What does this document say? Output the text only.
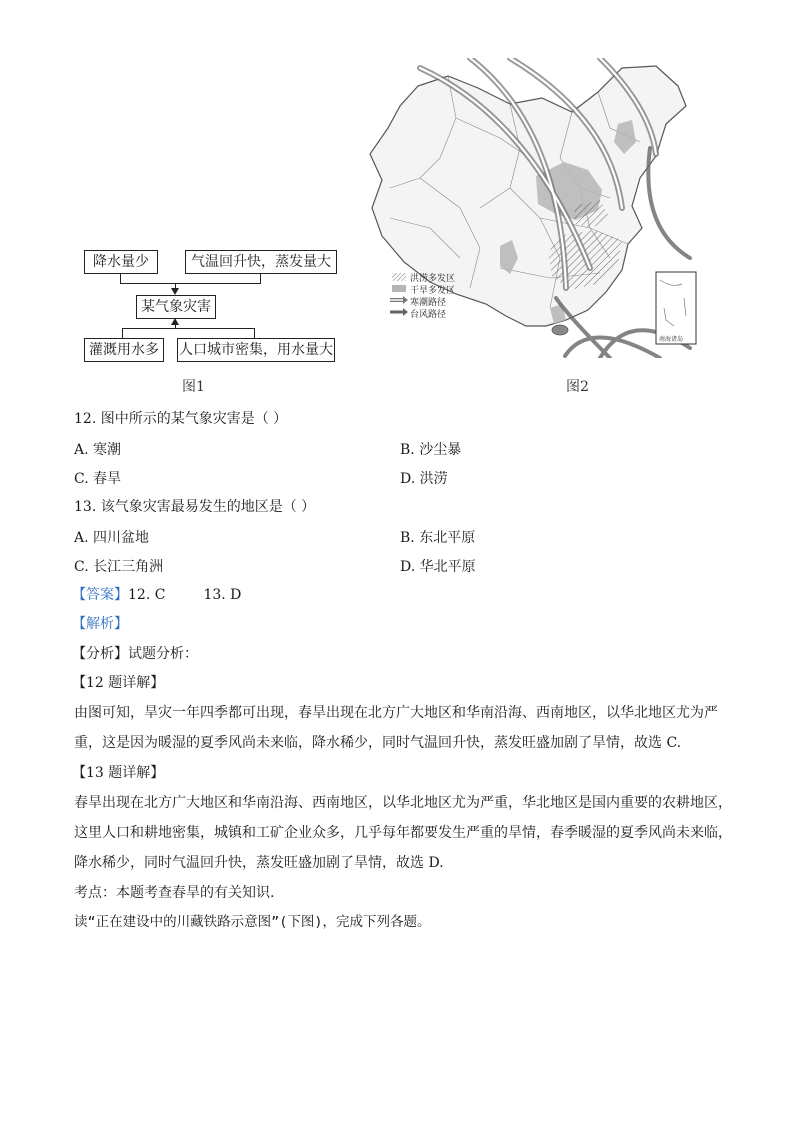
降水量少	气温回升快，蒸发量大
某气象灾害
灌溉用水多	人口城市密集，用水量大
图1
南海诸岛
洪涝多发区
干旱多发区
寒潮路径
台风路径
图2
12. 图中所示的某气象灾害是（ ）
A. 寒潮	B. 沙尘暴
C. 春旱	D. 洪涝
13. 该气象灾害最易发生的地区是（ ）
A. 四川盆地	B. 东北平原
C. 长江三角洲	D. 华北平原
【答案】12. C	13. D
【解析】
【分析】试题分析：
【12 题详解】
由图可知，旱灾一年四季都可出现，春旱出现在北方广大地区和华南沿海、西南地区，以华北地区尤为严
重，这是因为暖湿的夏季风尚未来临，降水稀少，同时气温回升快，蒸发旺盛加剧了旱情，故选 C.
【13 题详解】
春旱出现在北方广大地区和华南沿海、西南地区，以华北地区尤为严重，华北地区是国内重要的农耕地区，
这里人口和耕地密集，城镇和工矿企业众多，几乎每年都要发生严重的旱情，春季暖湿的夏季风尚未来临，
降水稀少，同时气温回升快，蒸发旺盛加剧了旱情，故选 D.
考点：本题考查春旱的有关知识.
读“正在建设中的川藏铁路示意图”(下图)，完成下列各题。
